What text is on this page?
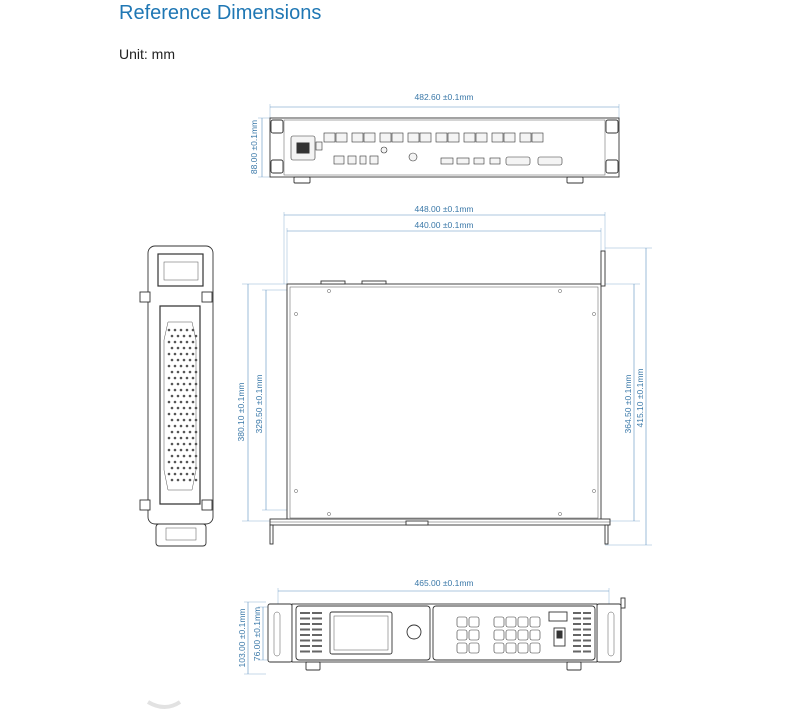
Reference Dimensions

Unit: mm

482.60 ±0.1mm
88.00 ±0.1mm
448.00 ±0.1mm
440.00 ±0.1mm
380.10 ±0.1mm 329.50 ±0.1mm	364.50 ±0.1mm 415.10 ±0.1mm
465.00 ±0.1mm
103.00 ±0.1mm 76.00 ±0.1mm
